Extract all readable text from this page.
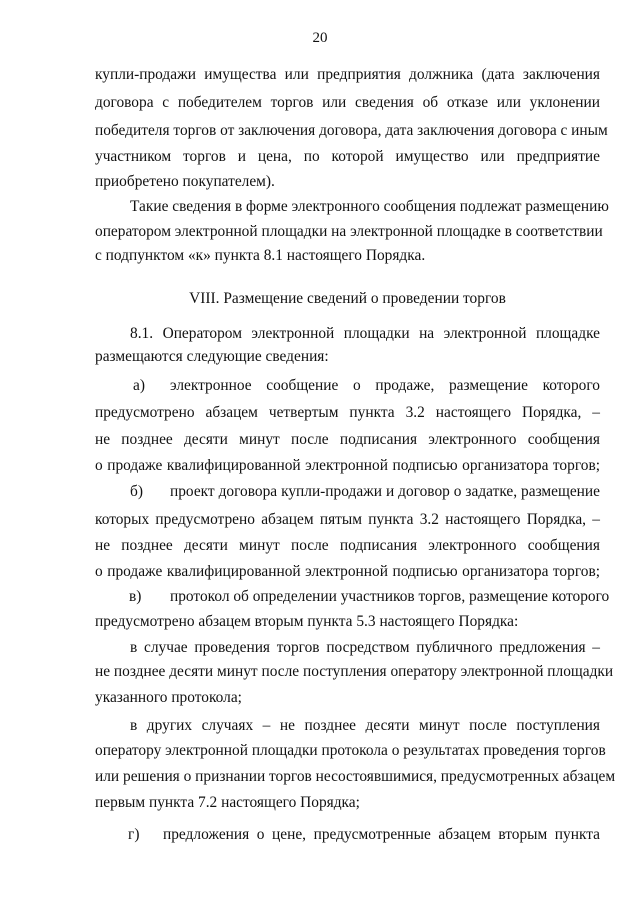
20
купли-продажи имущества или предприятия должника (дата заключения
договора с победителем торгов или сведения об отказе или уклонении
победителя торгов от заключения договора, дата заключения договора с иным
участником торгов и цена, по которой имущество или предприятие
приобретено покупателем).
Такие сведения в форме электронного сообщения подлежат размещению
оператором электронной площадки на электронной площадке в соответствии
с подпунктом «к» пункта 8.1 настоящего Порядка.
VIII. Размещение сведений о проведении торгов
8.1. Оператором электронной площадки на электронной площадке
размещаются следующие сведения:
а) электронное сообщение о продаже, размещение которого
предусмотрено абзацем четвертым пункта 3.2 настоящего Порядка, –
не позднее десяти минут после подписания электронного сообщения
о продаже квалифицированной электронной подписью организатора торгов;
б) проект договора купли-продажи и договор о задатке, размещение
которых предусмотрено абзацем пятым пункта 3.2 настоящего Порядка, –
не позднее десяти минут после подписания электронного сообщения
о продаже квалифицированной электронной подписью организатора торгов;
в) протокол об определении участников торгов, размещение которого
предусмотрено абзацем вторым пункта 5.3 настоящего Порядка:
в случае проведения торгов посредством публичного предложения –
не позднее десяти минут после поступления оператору электронной площадки
указанного протокола;
в других случаях – не позднее десяти минут после поступления
оператору электронной площадки протокола о результатах проведения торгов
или решения о признании торгов несостоявшимися, предусмотренных абзацем
первым пункта 7.2 настоящего Порядка;
г) предложения о цене, предусмотренные абзацем вторым пункта
